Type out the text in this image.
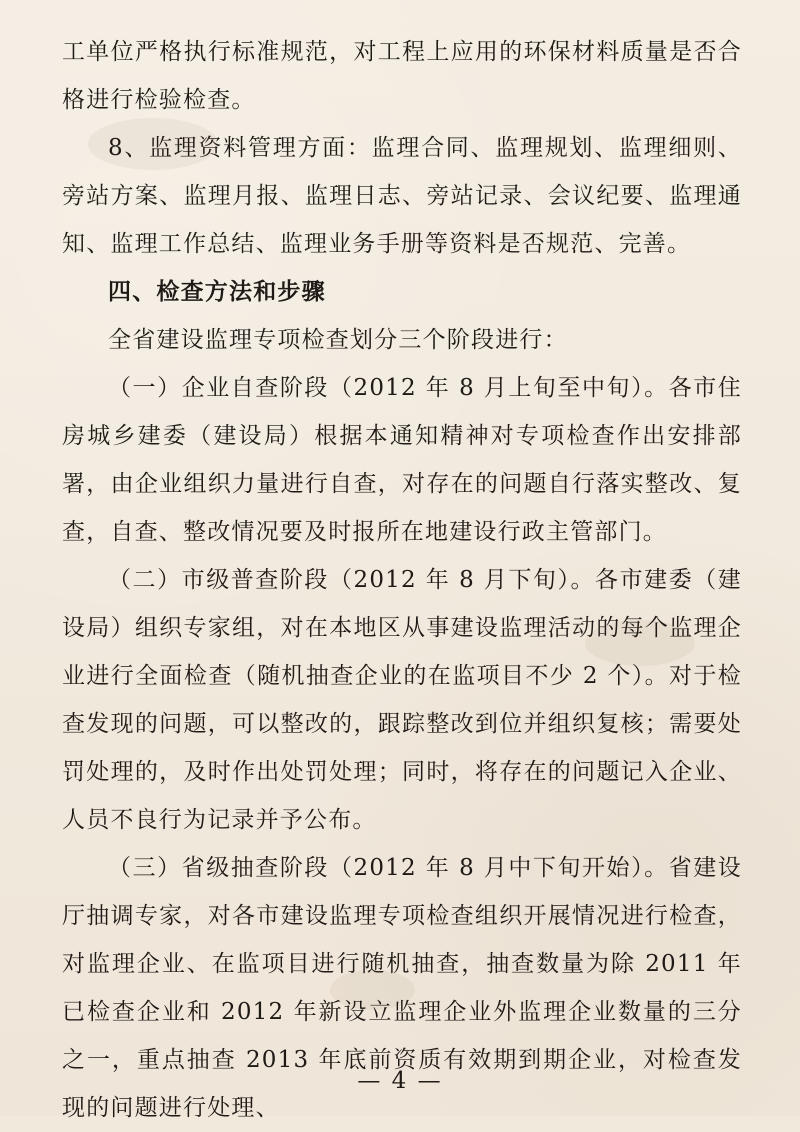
工单位严格执行标准规范，对工程上应用的环保材料质量是否合格进行检验检查。

8、监理资料管理方面：监理合同、监理规划、监理细则、旁站方案、监理月报、监理日志、旁站记录、会议纪要、监理通知、监理工作总结、监理业务手册等资料是否规范、完善。

四、检查方法和步骤

全省建设监理专项检查划分三个阶段进行：

（一）企业自查阶段（2012 年 8 月上旬至中旬）。各市住房城乡建委（建设局）根据本通知精神对专项检查作出安排部署，由企业组织力量进行自查，对存在的问题自行落实整改、复查，自查、整改情况要及时报所在地建设行政主管部门。

（二）市级普查阶段（2012 年 8 月下旬）。各市建委（建设局）组织专家组，对在本地区从事建设监理活动的每个监理企业进行全面检查（随机抽查企业的在监项目不少 2 个）。对于检查发现的问题，可以整改的，跟踪整改到位并组织复核；需要处罚处理的，及时作出处罚处理；同时，将存在的问题记入企业、人员不良行为记录并予公布。

（三）省级抽查阶段（2012 年 8 月中下旬开始）。省建设厅抽调专家，对各市建设监理专项检查组织开展情况进行检查，对监理企业、在监项目进行随机抽查，抽查数量为除 2011 年已检查企业和 2012 年新设立监理企业外监理企业数量的三分之一，重点抽查 2013 年底前资质有效期到期企业，对检查发现的问题进行处理、

— 4 —
